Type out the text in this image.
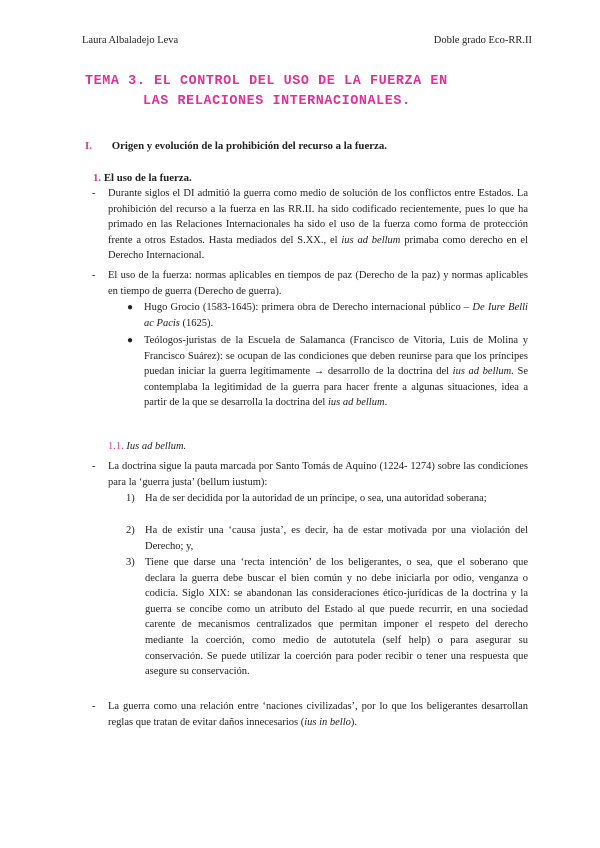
Laura Albaladejo Leva	Doble grado Eco-RR.II
TEMA 3. EL CONTROL DEL USO DE LA FUERZA EN
LAS RELACIONES INTERNACIONALES.
I. Origen y evolución de la prohibición del recurso a la fuerza.
1. El uso de la fuerza.
- Durante siglos el DI admitió la guerra como medio de solución de los conflictos entre Estados. La prohibición del recurso a la fuerza en las RR.II. ha sido codificado recientemente, pues lo que ha primado en las Relaciones Internacionales ha sido el uso de la fuerza como forma de protección frente a otros Estados. Hasta mediados del S.XX., el ius ad bellum primaba como derecho en el Derecho Internacional.
- El uso de la fuerza: normas aplicables en tiempos de paz (Derecho de la paz) y normas aplicables en tiempo de guerra (Derecho de guerra).
● Hugo Grocio (1583-1645): primera obra de Derecho internacional público – De Iure Belli ac Pacis (1625).
● Teólogos-juristas de la Escuela de Salamanca (Francisco de Vitoria, Luis de Molina y Francisco Suárez): se ocupan de las condiciones que deben reunirse para que los príncipes puedan iniciar la guerra legítimamente → desarrollo de la doctrina del ius ad bellum. Se contemplaba la legitimidad de la guerra para hacer frente a algunas situaciones, idea a partir de la que se desarrolla la doctrina del ius ad bellum.
1.1. Ius ad bellum.
- La doctrina sigue la pauta marcada por Santo Tomás de Aquino (1224- 1274) sobre las condiciones para la ‘guerra justa’ (bellum iustum):
1) Ha de ser decidida por la autoridad de un príncipe, o sea, una autoridad soberana;
2) Ha de existir una ‘causa justa’, es decir, ha de estar motivada por una violación del Derecho; y,
3) Tiene que darse una ‘recta intención’ de los beligerantes, o sea, que el soberano que declara la guerra debe buscar el bien común y no debe iniciarla por odio, venganza o codicia. Siglo XIX: se abandonan las consideraciones ético-jurídicas de la doctrina y la guerra se concibe como un atributo del Estado al que puede recurrir, en una sociedad carente de mecanismos centralizados que permitan imponer el respeto del derecho mediante la coerción, como medio de autotutela (self help) o para asegurar su conservación. Se puede utilizar la coerción para poder recibir o tener una respuesta que asegure su conservación.
- La guerra como una relación entre ‘naciones civilizadas’, por lo que los beligerantes desarrollan reglas que tratan de evitar daños innecesarios (ius in bello).
